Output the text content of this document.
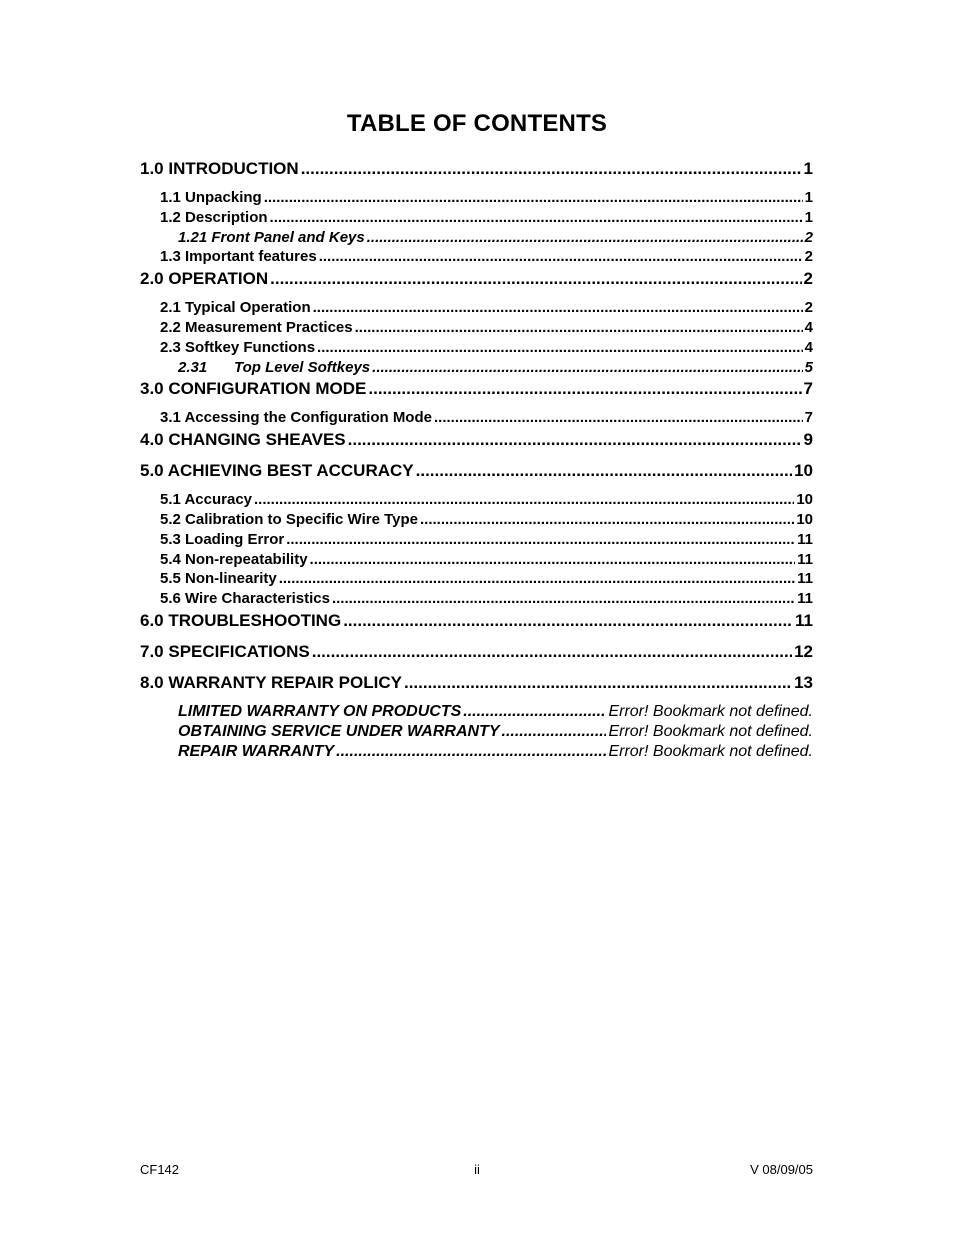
TABLE OF CONTENTS
1.0 INTRODUCTION .....	1
1.1 Unpacking .....	1
1.2 Description .....	1
1.21 Front Panel and Keys .....	2
1.3 Important features .....	2
2.0 OPERATION .....	2
2.1 Typical Operation .....	2
2.2 Measurement Practices .....	4
2.3 Softkey Functions .....	4
2.31 Top Level Softkeys .....	5
3.0 CONFIGURATION MODE .....	7
3.1 Accessing the Configuration Mode .....	7
4.0 CHANGING SHEAVES .....	9
5.0 ACHIEVING BEST ACCURACY .....	10
5.1 Accuracy .....	10
5.2 Calibration to Specific Wire Type .....	10
5.3 Loading Error .....	11
5.4 Non-repeatability .....	11
5.5 Non-linearity .....	11
5.6 Wire Characteristics .....	11
6.0 TROUBLESHOOTING .....	11
7.0 SPECIFICATIONS .....	12
8.0 WARRANTY REPAIR POLICY .....	13
LIMITED WARRANTY ON PRODUCTS .....	Error! Bookmark not defined.
OBTAINING SERVICE UNDER WARRANTY .....	Error! Bookmark not defined.
REPAIR WARRANTY .....	Error! Bookmark not defined.
CF142	ii	V 08/09/05
